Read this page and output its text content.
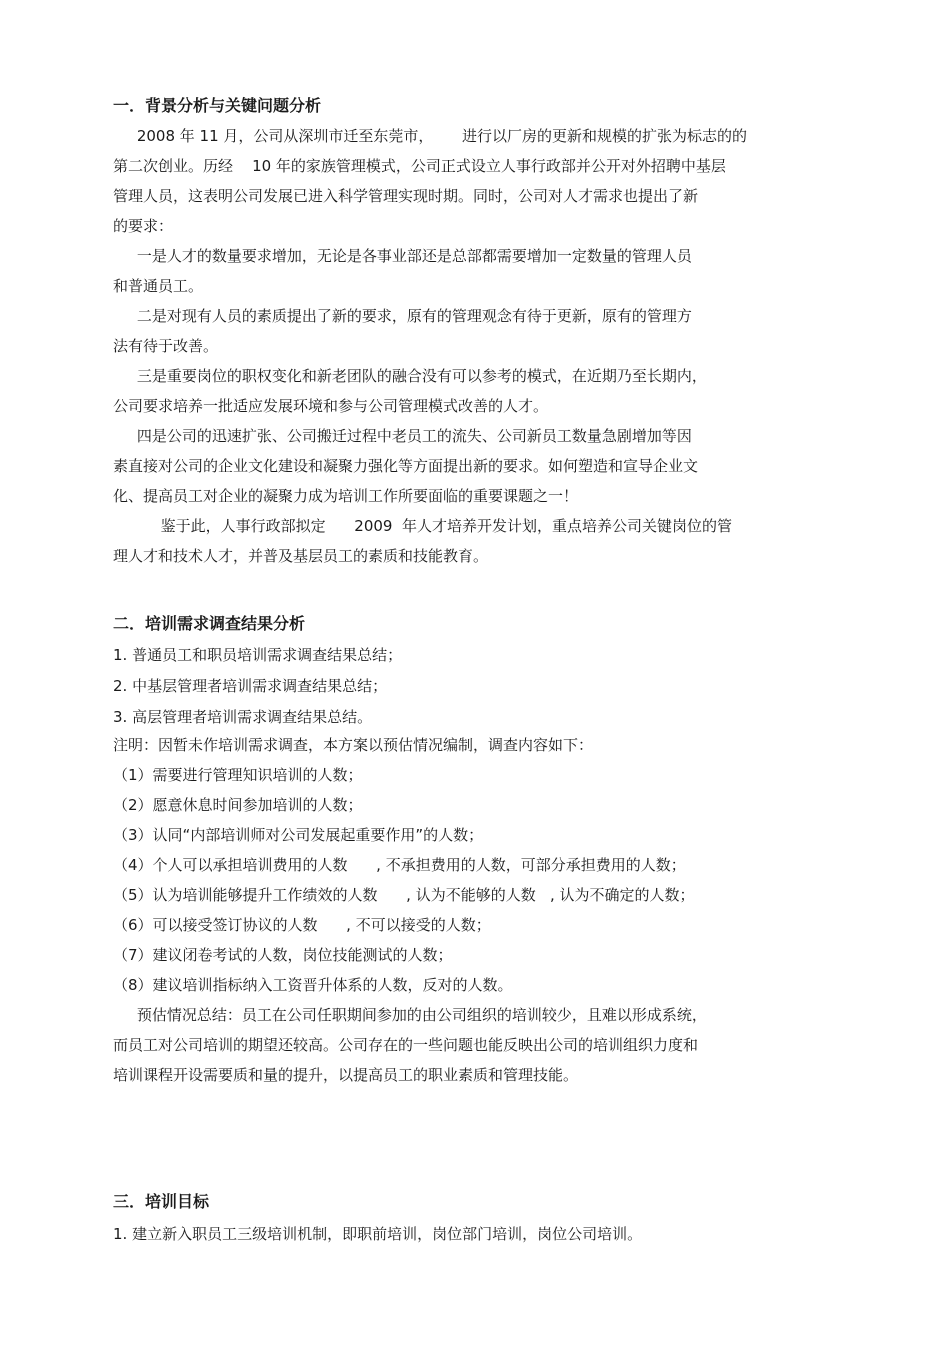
一．背景分析与关键问题分析

2008 年 11 月，公司从深圳市迁至东莞市，      进行以厂房的更新和规模的扩张为标志的的

第二次创业。历经    10 年的家族管理模式，公司正式设立人事行政部并公开对外招聘中基层

管理人员，这表明公司发展已进入科学管理实现时期。同时，公司对人才需求也提出了新

的要求：

一是人才的数量要求增加，无论是各事业部还是总部都需要增加一定数量的管理人员

和普通员工。

二是对现有人员的素质提出了新的要求，原有的管理观念有待于更新，原有的管理方

法有待于改善。

三是重要岗位的职权变化和新老团队的融合没有可以参考的模式，在近期乃至长期内，

公司要求培养一批适应发展环境和参与公司管理模式改善的人才。

四是公司的迅速扩张、公司搬迁过程中老员工的流失、公司新员工数量急剧增加等因

素直接对公司的企业文化建设和凝聚力强化等方面提出新的要求。如何塑造和宣导企业文

化、提高员工对企业的凝聚力成为培训工作所要面临的重要课题之一！

鉴于此，人事行政部拟定      2009  年人才培养开发计划，重点培养公司关键岗位的管

理人才和技术人才，并普及基层员工的素质和技能教育。

二．培训需求调查结果分析

1. 普通员工和职员培训需求调查结果总结；

2. 中基层管理者培训需求调查结果总结；

3. 高层管理者培训需求调查结果总结。

注明：因暂未作培训需求调查，本方案以预估情况编制，调查内容如下：

（1）需要进行管理知识培训的人数；

（2）愿意休息时间参加培训的人数；

（3）认同“内部培训师对公司发展起重要作用”的人数；

（4）个人可以承担培训费用的人数      , 不承担费用的人数，可部分承担费用的人数；

（5）认为培训能够提升工作绩效的人数      , 认为不能够的人数   , 认为不确定的人数；

（6）可以接受签订协议的人数      , 不可以接受的人数；

（7）建议闭卷考试的人数，岗位技能测试的人数；

（8）建议培训指标纳入工资晋升体系的人数，反对的人数。

预估情况总结：员工在公司任职期间参加的由公司组织的培训较少，且难以形成系统，

而员工对公司培训的期望还较高。公司存在的一些问题也能反映出公司的培训组织力度和

培训课程开设需要质和量的提升，以提高员工的职业素质和管理技能。

三．培训目标

1. 建立新入职员工三级培训机制，即职前培训，岗位部门培训，岗位公司培训。
